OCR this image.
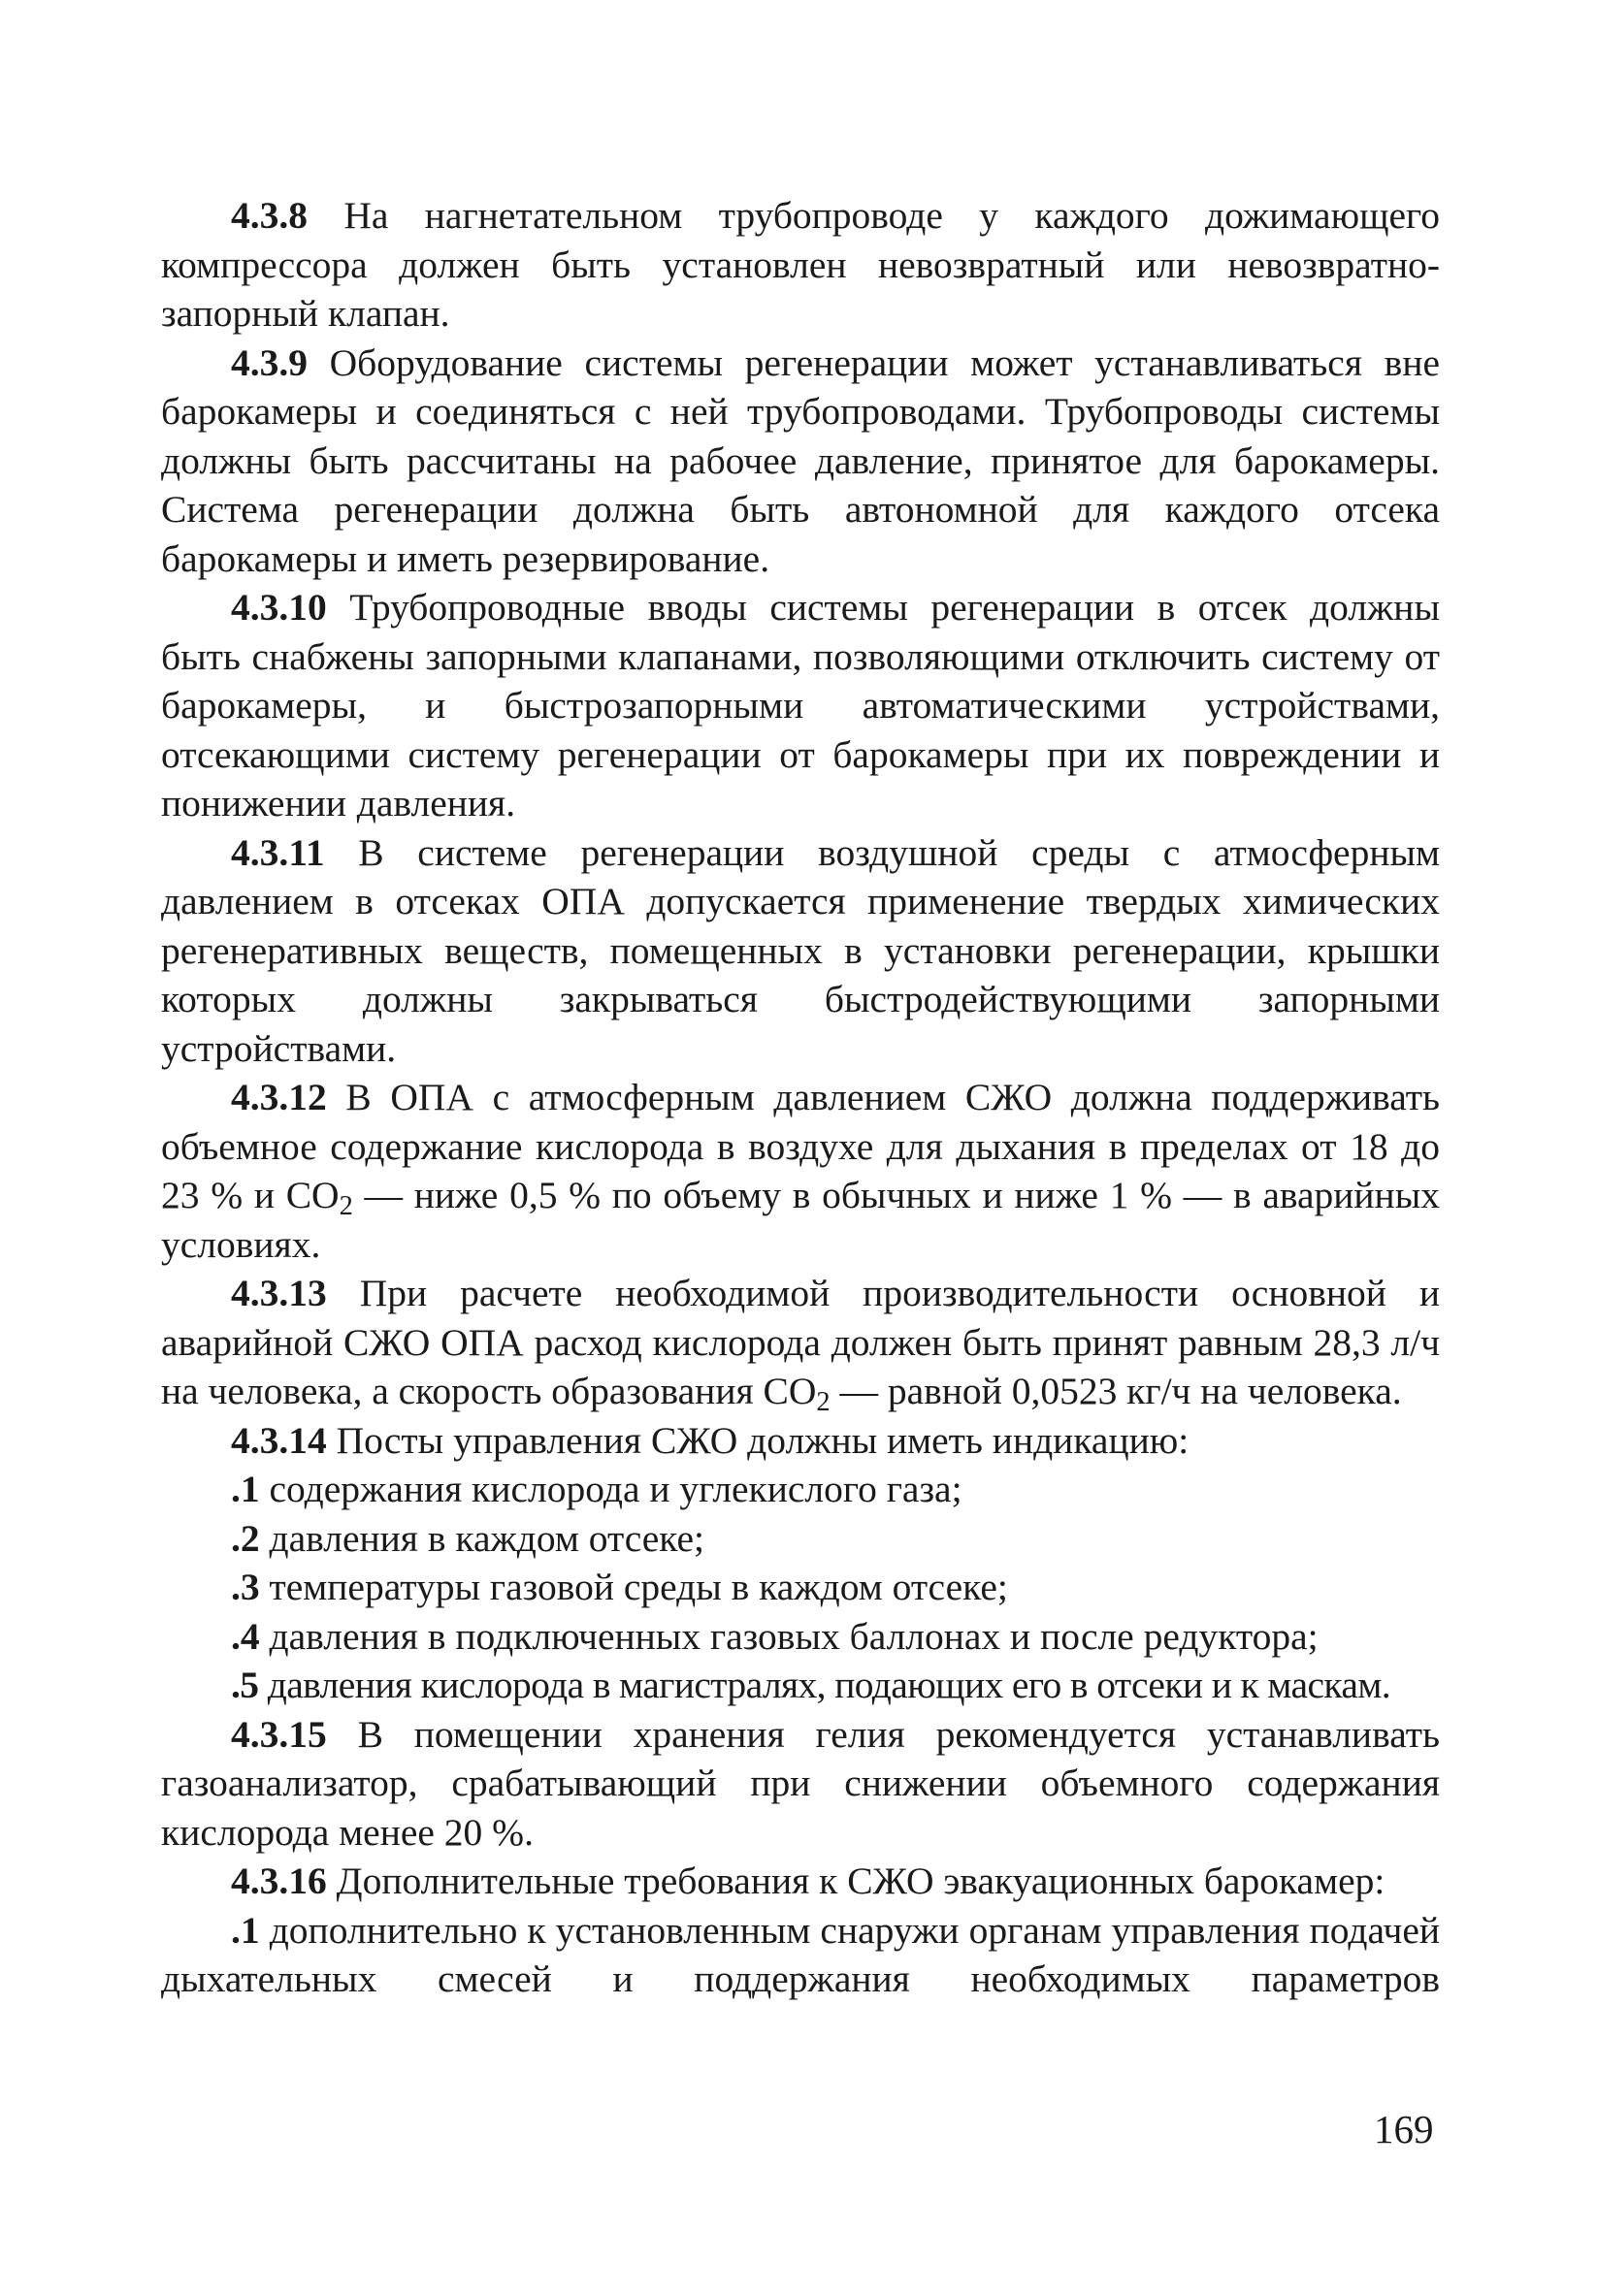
4.3.8 На нагнетательном трубопроводе у каждого дожимающего компрессора должен быть установлен невозвратный или невозвратно-запорный клапан.

4.3.9 Оборудование системы регенерации может устанавливаться вне барокамеры и соединяться с ней трубопроводами. Трубопроводы системы должны быть рассчитаны на рабочее давление, принятое для барокамеры. Система регенерации должна быть автономной для каждого отсека барокамеры и иметь резервирование.

4.3.10 Трубопроводные вводы системы регенерации в отсек должны быть снабжены запорными клапанами, позволяющими отключить систему от барокамеры, и быстрозапорными автоматическими устройствами, отсекающими систему регенерации от барокамеры при их повреждении и понижении давления.

4.3.11 В системе регенерации воздушной среды с атмосферным давлением в отсеках ОПА допускается применение твердых химических регенеративных веществ, помещенных в установки регенерации, крышки которых должны закрываться быстродействующими запорными устройствами.

4.3.12 В ОПА с атмосферным давлением СЖО должна поддерживать объемное содержание кислорода в воздухе для дыхания в пределах от 18 до 23 % и СО2 — ниже 0,5 % по объему в обычных и ниже 1 % — в аварийных условиях.

4.3.13 При расчете необходимой производительности основной и аварийной СЖО ОПА расход кислорода должен быть принят равным 28,3 л/ч на человека, а скорость образования СО2 — равной 0,0523 кг/ч на человека.

4.3.14 Посты управления СЖО должны иметь индикацию:

.1 содержания кислорода и углекислого газа;

.2 давления в каждом отсеке;

.3 температуры газовой среды в каждом отсеке;

.4 давления в подключенных газовых баллонах и после редуктора;

.5 давления кислорода в магистралях, подающих его в отсеки и к маскам.

4.3.15 В помещении хранения гелия рекомендуется устанавливать газоанализатор, срабатывающий при снижении объемного содержания кислорода менее 20 %.

4.3.16 Дополнительные требования к СЖО эвакуационных барокамер:

.1 дополнительно к установленным снаружи органам управления подачей дыхательных смесей и поддержания необходимых параметров

169
